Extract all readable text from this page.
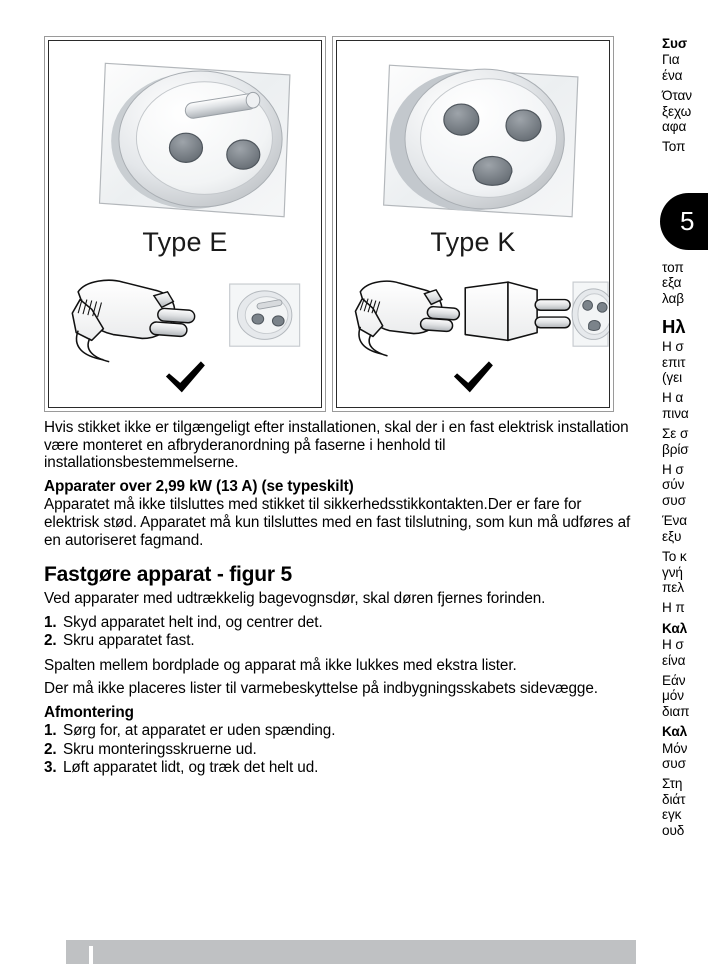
Type E	Type K

Hvis stikket ikke er tilgængeligt efter installationen, skal der i en fast elektrisk installation være monteret en afbryderanordning på faserne i henhold til installationsbestemmelserne.

Apparater over 2,99 kW (13 A) (se typeskilt)

Apparatet må ikke tilsluttes med stikket til sikkerhedsstikkontakten.Der er fare for elektrisk stød. Apparatet må kun tilsluttes med en fast tilslutning, som kun må udføres af en autoriseret fagmand.

Fastgøre apparat - figur 5

Ved apparater med udtrækkelig bagevognsdør, skal døren fjernes forinden.

1. Skyd apparatet helt ind, og centrer det.
2. Skru apparatet fast.

Spalten mellem bordplade og apparat må ikke lukkes med ekstra lister.

Der må ikke placeres lister til varmebeskyttelse på indbygningsskabets sidevægge.

Afmontering
1. Sørg for, at apparatet er uden spænding.
2. Skru monteringsskruerne ud.
3. Løft apparatet lidt, og træk det helt ud.

Συσ

Για

ένα

Όταν

ξεχω

αφα

Τοπ

5

τοπ

εξα

λαβ

Ηλ

Η σ

επιτ

(γει

Η α

πινα

Σε σ

βρίσ

Η σ

σύν

συσ

Ένα

εξυ

Το κ

γνή

πελ

Η π

Καλ

Η σ

είνα

Εάν

μόν

διαπ

Καλ

Μόν

συσ

Στη

διάτ

εγκ

ουδ
